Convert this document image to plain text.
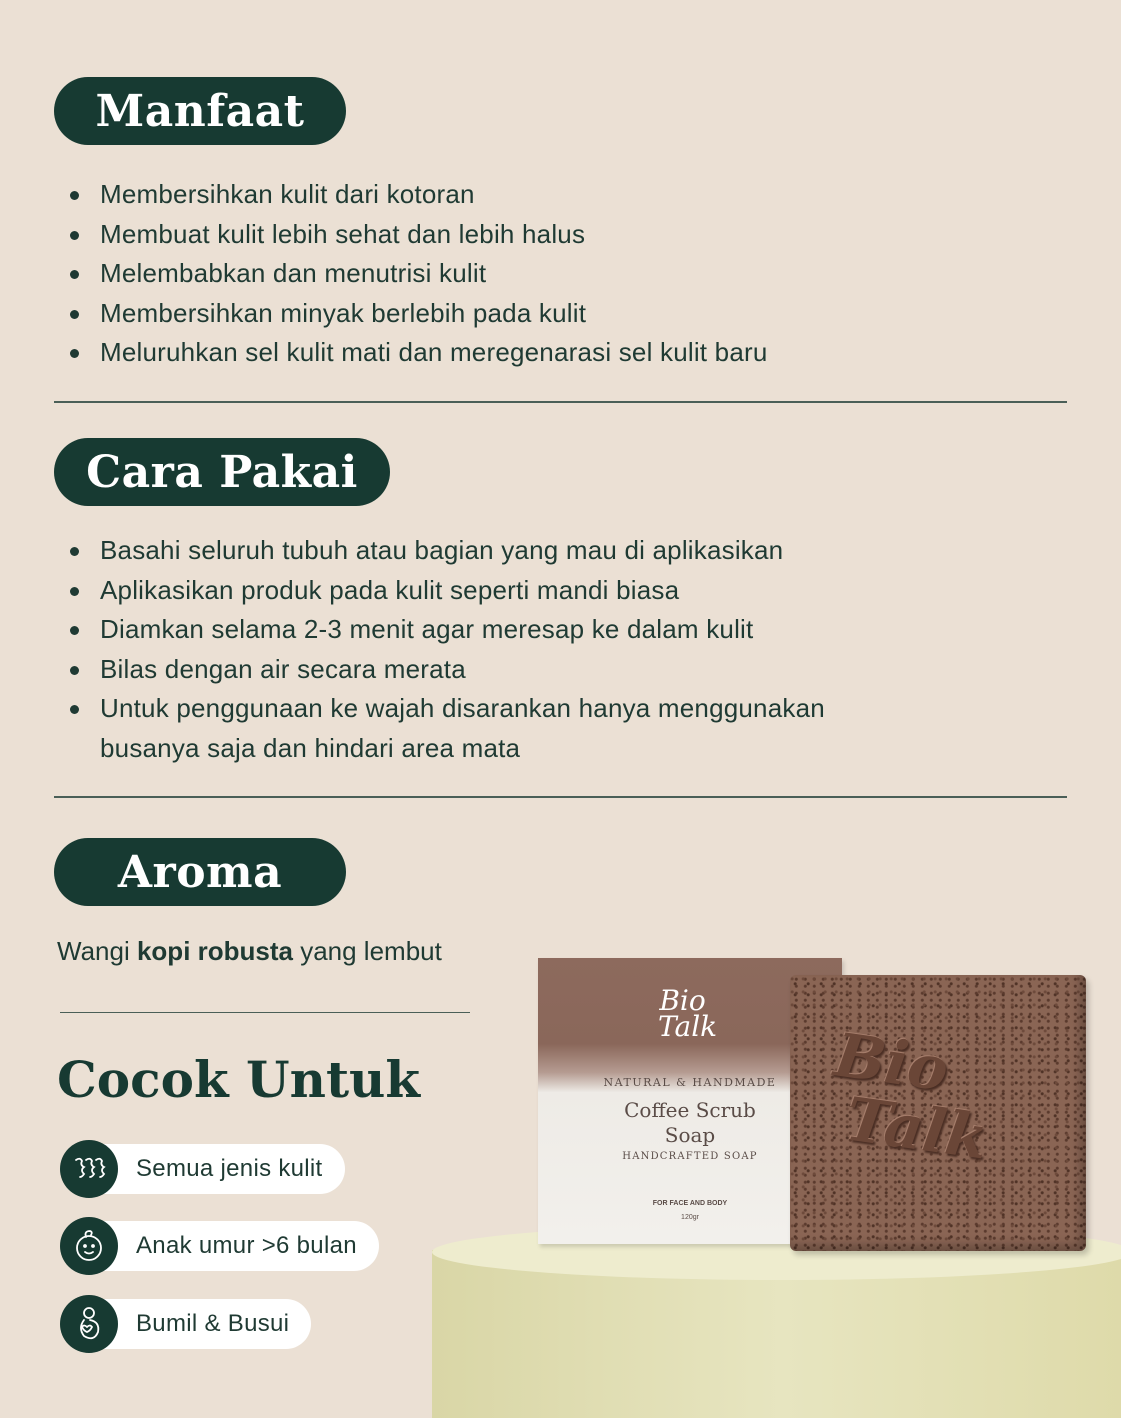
Manfaat
Membersihkan kulit dari kotoran
Membuat kulit lebih sehat dan lebih halus
Melembabkan dan menutrisi kulit
Membersihkan minyak berlebih pada kulit
Meluruhkan sel kulit mati dan meregenarasi sel kulit baru
Cara Pakai
Basahi seluruh tubuh atau bagian yang mau di aplikasikan
Aplikasikan produk pada kulit seperti mandi biasa
Diamkan selama 2-3 menit agar meresap ke dalam kulit
Bilas dengan air secara merata
Untuk penggunaan ke wajah disarankan hanya menggunakan busanya saja dan hindari area mata
Aroma
Wangi kopi robusta yang lembut
Cocok Untuk
Semua jenis kulit
Anak umur >6 bulan
Bumil & Busui
Bio
Talk
NATURAL & HANDMADE
Coffee Scrub
Soap
HANDCRAFTED SOAP
FOR FACE AND BODY
120gr
Bio
Talk
